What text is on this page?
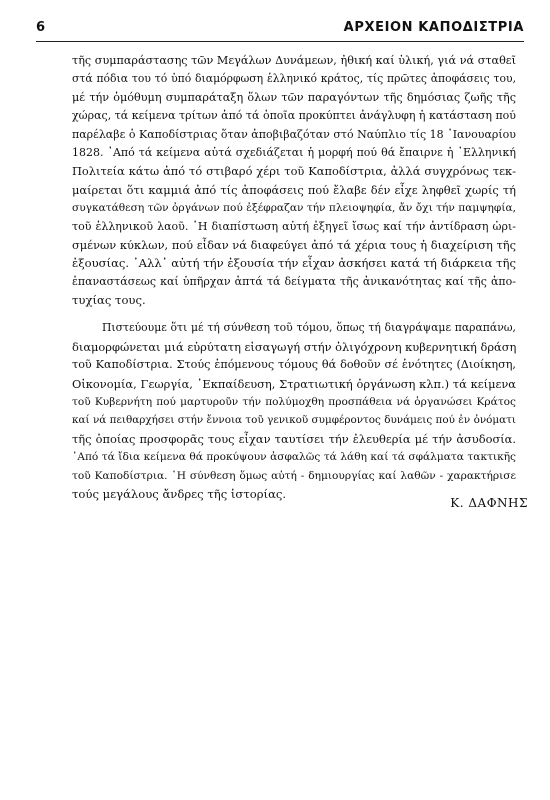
6	ΑΡΧΕΙΟΝ ΚΑΠΟΔΙΣΤΡΙΑ
τῆς συμπαράστασης τῶν Μεγάλων Δυνάμεων, ἠθική καί ὑλική, γιά νά σταθεῖ
στά πόδια του τό ὑπό διαμόρφωση ἑλληνικό κράτος, τίς πρῶτες ἀποφάσεις του,
μέ τήν ὁμόθυμη συμπαράταξη ὅλων τῶν παραγόντων τῆς δημόσιας ζωῆς τῆς
χώρας, τά κείμενα τρίτων ἀπό τά ὁποῖα προκύπτει ἀνάγλυφη ἡ κατάσταση πού
παρέλαβε ὁ Καποδίστριας ὅταν ἀποβιβαζόταν στό Ναύπλιο τίς 18 ᾿Ιανουαρίου
1828. ᾿Από τά κείμενα αὐτά σχεδιάζεται ἡ μορφή πού θά ἔπαιρνε ἡ ῾Ελληνική
Πολιτεία κάτω ἀπό τό στιβαρό χέρι τοῦ Καποδίστρια, ἀλλά συγχρόνως τεκ-
μαίρεται ὅτι καμμιά ἀπό τίς ἀποφάσεις πού ἔλαβε δέν εἶχε ληφθεῖ χωρίς τή
συγκατάθεση τῶν ὀργάνων πού ἐξέφραζαν τήν πλειοψηφία, ἄν ὄχι τήν παμψηφία,
τοῦ ἑλληνικοῦ λαοῦ. ῾Η διαπίστωση αὐτή ἐξηγεῖ ἴσως καί τήν ἀντίδραση ὡρι-
σμένων κύκλων, πού εἶδαν νά διαφεύγει ἀπό τά χέρια τους ἡ διαχείριση τῆς
ἐξουσίας. ᾿Αλλ᾿ αὐτή τήν ἐξουσία τήν εἶχαν ἀσκήσει κατά τή διάρκεια τῆς
ἐπαναστάσεως καί ὑπῆρχαν ἁπτά τά δείγματα τῆς ἀνικανότητας καί τῆς ἀπο-
τυχίας τους.
Πιστεύουμε ὅτι μέ τή σύνθεση τοῦ τόμου, ὅπως τή διαγράψαμε παραπάνω,
διαμορφώνεται μιά εὐρύτατη εἰσαγωγή στήν ὀλιγόχρονη κυβερνητική δράση
τοῦ Καποδίστρια. Στούς ἑπόμενους τόμους θά δοθοῦν σέ ἑνότητες (Διοίκηση,
Οἰκονομία, Γεωργία, ᾿Εκπαίδευση, Στρατιωτική ὀργάνωση κλπ.) τά κείμενα
τοῦ Κυβερνήτη πού μαρτυροῦν τήν πολύμοχθη προσπάθεια νά ὀργανώσει Κράτος
καί νά πειθαρχήσει στήν ἔννοια τοῦ γενικοῦ συμφέροντος δυνάμεις πού ἐν ὀνόματι
τῆς ὁποίας προσφορᾶς τους εἶχαν ταυτίσει τήν ἐλευθερία μέ τήν ἀσυδοσία.
᾿Από τά ἴδια κείμενα θά προκύψουν ἀσφαλῶς τά λάθη καί τά σφάλματα τακτικῆς
τοῦ Καποδίστρια. ῾Η σύνθεση ὅμως αὐτή - δημιουργίας καί λαθῶν - χαρακτήρισε
τούς μεγάλους ἄνδρες τῆς ἱστορίας.
Κ. ΔΑΦΝΗΣ
